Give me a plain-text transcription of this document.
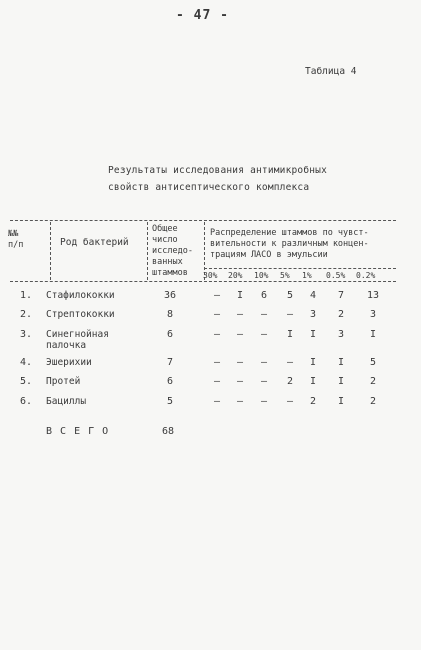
- 47 -
Таблица 4
Результаты исследования антимикробных
свойств антисептического комплекса
№№
п/п	Род бактерий
Общее
число
исследо-
ванных
штаммов
Распределение штаммов по чувст-
вительности к различным концен-
трациям ЛАСО в эмульсии
30% 20% 10% 5% 1% 0.5% 0.2%
1. Стафилококки	36	–	I	6	5	4	7	13
2. Стрептококки	8	–	–	–	–	3	2	3
3. Синегнойная
палочка
6	–	–	–	I	I	3	I
4. Эшерихии	7	–	–	–	–	I	I	5
5. Протей	6	–	–	–	2	I	I	2
6. Бациллы	5	–	–	–	–	2	I	2
В С Е Г О	68
